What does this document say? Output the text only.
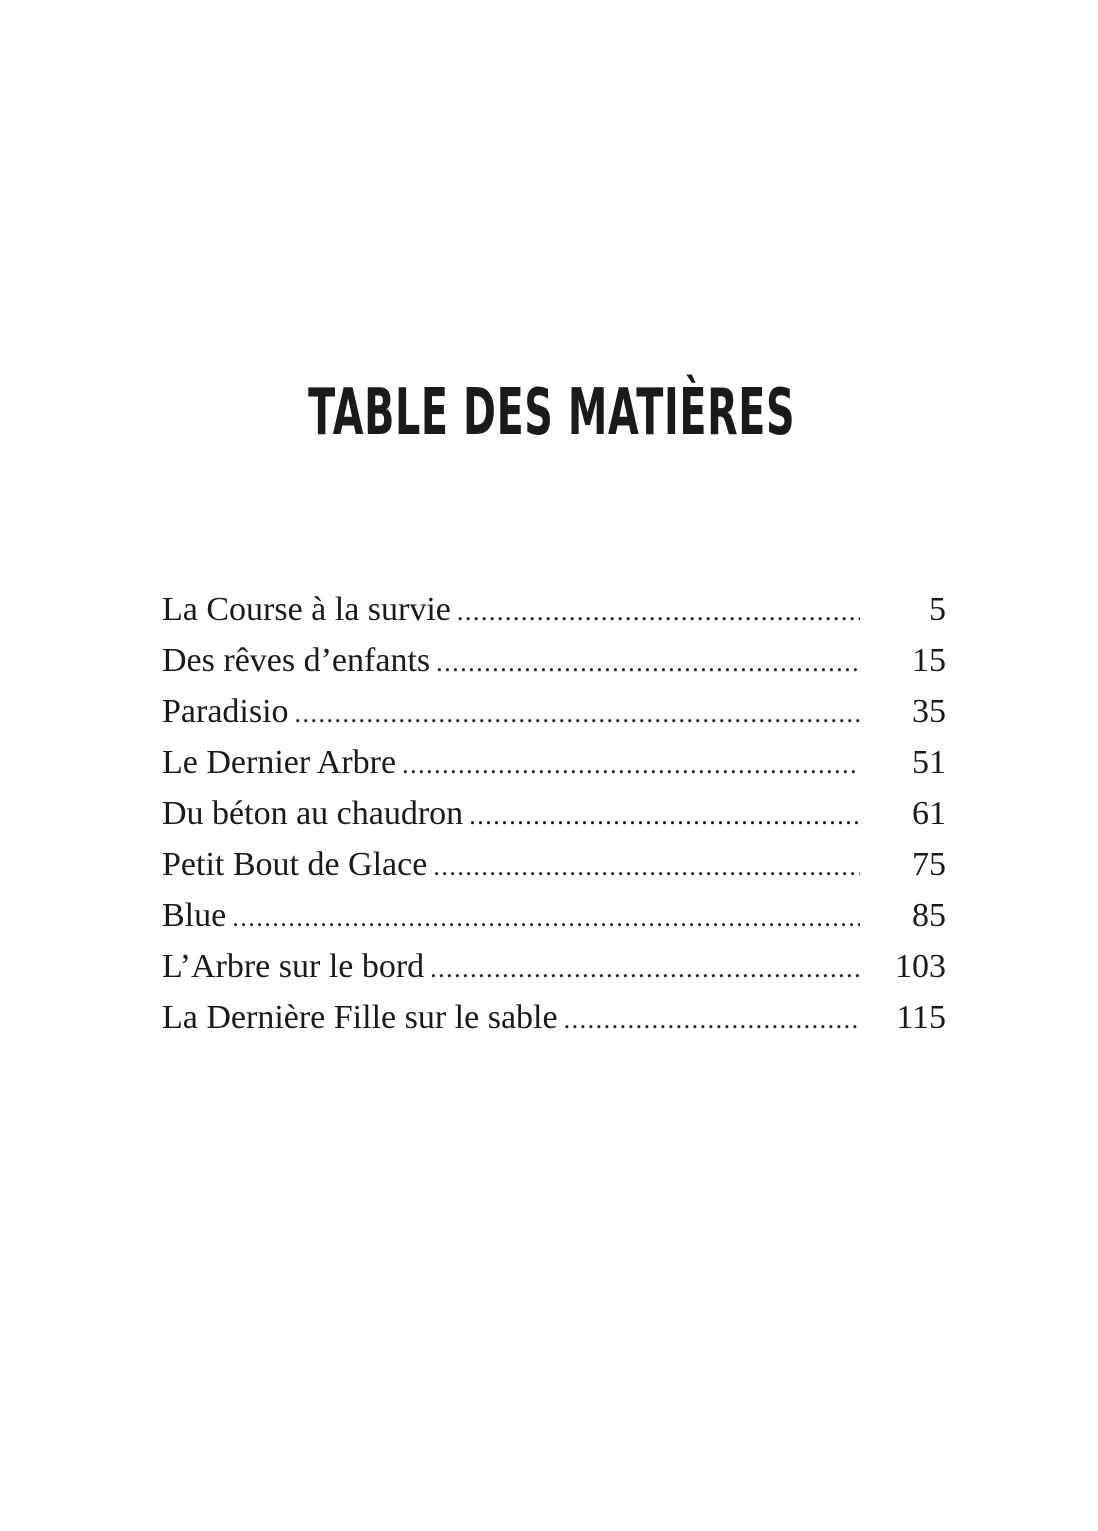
TABLE DES MATIÈRES
La Course à la survie .....	5
Des rêves d’enfants .....	15
Paradisio .....	35
Le Dernier Arbre .....	51
Du béton au chaudron .....	61
Petit Bout de Glace .....	75
Blue .....	85
L’Arbre sur le bord .....	103
La Dernière Fille sur le sable .....	115
